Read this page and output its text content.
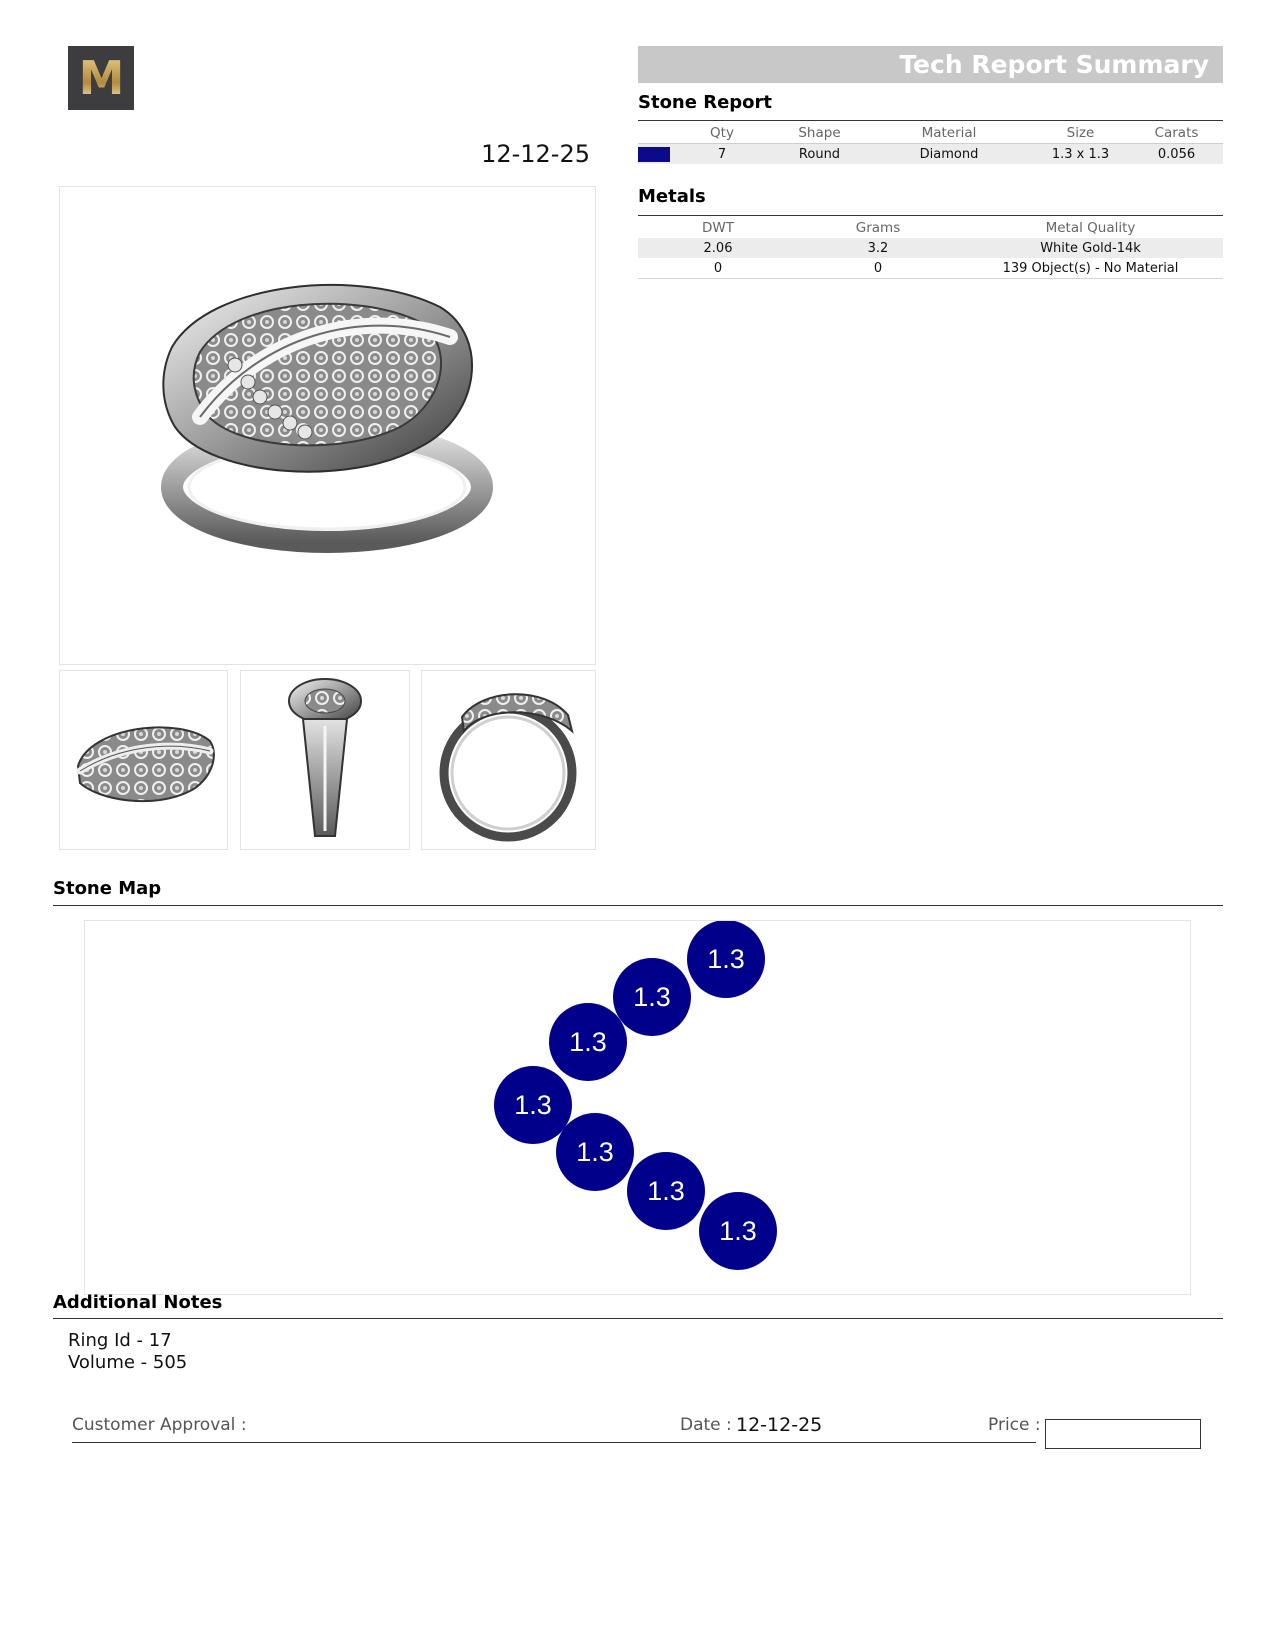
M
12-12-25
Tech Report Summary
Stone Report
	Qty	Shape	Material	Size	Carats
	7	Round	Diamond	1.3 x 1.3	0.056
Metals
DWT	Grams	Metal Quality
2.06	3.2	White Gold-14k
0	0	139 Object(s) - No Material
Stone Map
1.3
1.3
1.3
1.3
1.3
1.3
1.3
Additional Notes
Ring Id - 17
Volume - 505
Customer Approval :	Date : 12-12-25	Price :
